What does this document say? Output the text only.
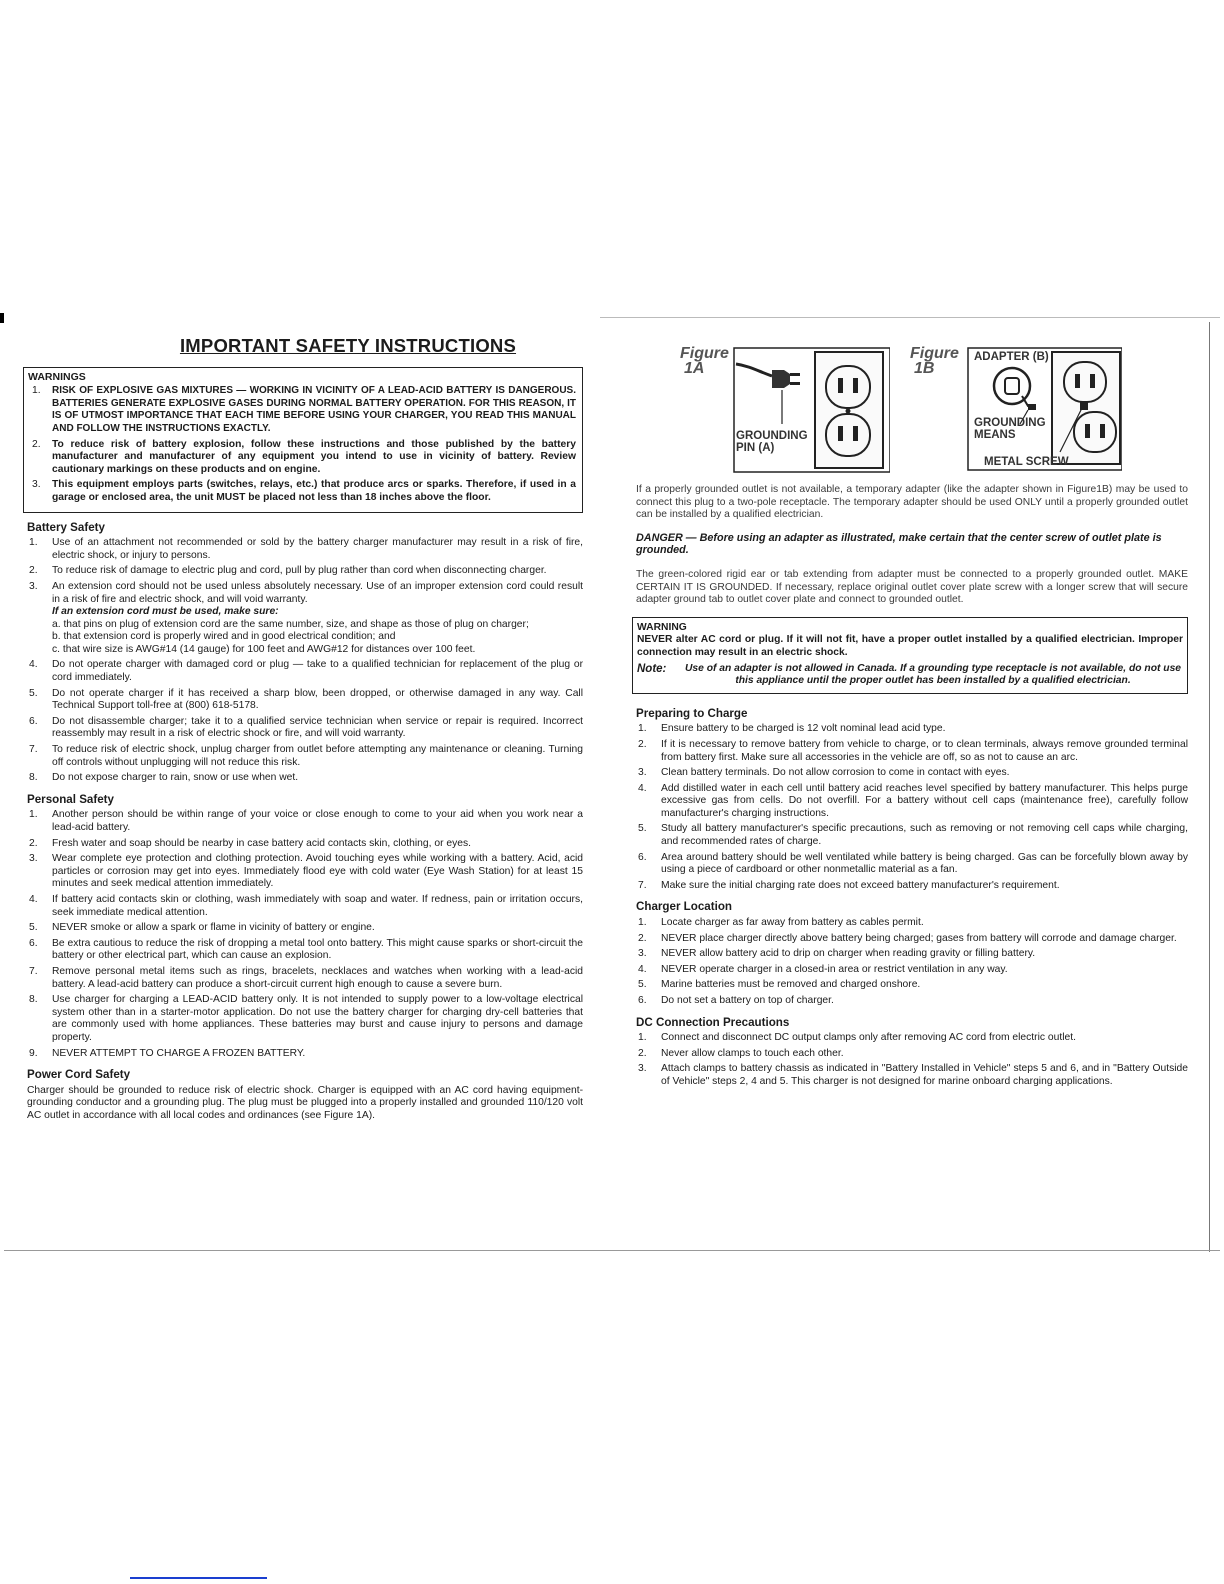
IMPORTANT SAFETY INSTRUCTIONS
WARNINGS
1.	RISK OF EXPLOSIVE GAS MIXTURES — WORKING IN VICINITY OF A LEAD-ACID BATTERY IS DANGEROUS. BATTERIES GENERATE EXPLOSIVE GASES DURING NORMAL BATTERY OPERATION. FOR THIS REASON, IT IS OF UTMOST IMPORTANCE THAT EACH TIME BEFORE USING YOUR CHARGER, YOU READ THIS MANUAL AND FOLLOW THE INSTRUCTIONS EXACTLY.
2.	To reduce risk of battery explosion, follow these instructions and those published by the battery manufacturer and manufacturer of any equipment you intend to use in vicinity of battery. Review cautionary markings on these products and on engine.
3.	This equipment employs parts (switches, relays, etc.) that produce arcs or sparks. Therefore, if used in a garage or enclosed area, the unit MUST be placed not less than 18 inches above the floor.
Battery Safety
1.	Use of an attachment not recommended or sold by the battery charger manufacturer may result in a risk of fire, electric shock, or injury to persons.
2.	To reduce risk of damage to electric plug and cord, pull by plug rather than cord when disconnecting charger.
3.	An extension cord should not be used unless absolutely necessary. Use of an improper extension cord could result in a risk of fire and electric shock, and will void warranty.
If an extension cord must be used, make sure:
a. that pins on plug of extension cord are the same number, size, and shape as those of plug on charger;
b. that extension cord is properly wired and in good electrical condition; and
c. that wire size is AWG#14 (14 gauge) for 100 feet and AWG#12 for distances over 100 feet.
4.	Do not operate charger with damaged cord or plug — take to a qualified technician for replacement of the plug or cord immediately.
5.	Do not operate charger if it has received a sharp blow, been dropped, or otherwise damaged in any way. Call Technical Support toll-free at (800) 618-5178.
6.	Do not disassemble charger; take it to a qualified service technician when service or repair is required. Incorrect reassembly may result in a risk of electric shock or fire, and will void warranty.
7.	To reduce risk of electric shock, unplug charger from outlet before attempting any maintenance or cleaning. Turning off controls without unplugging will not reduce this risk.
8.	Do not expose charger to rain, snow or use when wet.
Personal Safety
1.	Another person should be within range of your voice or close enough to come to your aid when you work near a lead-acid battery.
2.	Fresh water and soap should be nearby in case battery acid contacts skin, clothing, or eyes.
3.	Wear complete eye protection and clothing protection. Avoid touching eyes while working with a battery. Acid, acid particles or corrosion may get into eyes. Immediately flood eye with cold water (Eye Wash Station) for at least 15 minutes and seek medical attention immediately.
4.	If battery acid contacts skin or clothing, wash immediately with soap and water. If redness, pain or irritation occurs, seek immediate medical attention.
5.	NEVER smoke or allow a spark or flame in vicinity of battery or engine.
6.	Be extra cautious to reduce the risk of dropping a metal tool onto battery. This might cause sparks or short-circuit the battery or other electrical part, which can cause an explosion.
7.	Remove personal metal items such as rings, bracelets, necklaces and watches when working with a lead-acid battery. A lead-acid battery can produce a short-circuit current high enough to cause a severe burn.
8.	Use charger for charging a LEAD-ACID battery only. It is not intended to supply power to a low-voltage electrical system other than in a starter-motor application. Do not use the battery charger for charging dry-cell batteries that are commonly used with home appliances. These batteries may burst and cause injury to persons and damage property.
9.	NEVER ATTEMPT TO CHARGE A FROZEN BATTERY.
Power Cord Safety
Charger should be grounded to reduce risk of electric shock. Charger is equipped with an AC cord having equipment-grounding conductor and a grounding plug. The plug must be plugged into a properly installed and grounded 110/120 volt AC outlet in accordance with all local codes and ordinances (see Figure 1A).
Figure
1A
GROUNDING
PIN (A)
Figure
1B
ADAPTER (B)
GROUNDING
MEANS
METAL SCREW
If a properly grounded outlet is not available, a temporary adapter (like the adapter shown in Figure1B) may be used to connect this plug to a two-pole receptacle. The temporary adapter should be used ONLY until a properly grounded outlet can be installed by a qualified electrician.
DANGER — Before using an adapter as illustrated, make certain that the center screw of outlet plate is grounded.
The green-colored rigid ear or tab extending from adapter must be connected to a properly grounded outlet. MAKE CERTAIN IT IS GROUNDED. If necessary, replace original outlet cover plate screw with a longer screw that will secure adapter ground tab to outlet cover plate and connect to grounded outlet.
WARNING
NEVER alter AC cord or plug. If it will not fit, have a proper outlet installed by a qualified electrician. Improper connection may result in an electric shock.
Note:	Use of an adapter is not allowed in Canada. If a grounding type receptacle is not available, do not use this appliance until the proper outlet has been installed by a qualified electrician.
Preparing to Charge
1.	Ensure battery to be charged is 12 volt nominal lead acid type.
2.	If it is necessary to remove battery from vehicle to charge, or to clean terminals, always remove grounded terminal from battery first. Make sure all accessories in the vehicle are off, so as not to cause an arc.
3.	Clean battery terminals. Do not allow corrosion to come in contact with eyes.
4.	Add distilled water in each cell until battery acid reaches level specified by battery manufacturer. This helps purge excessive gas from cells. Do not overfill. For a battery without cell caps (maintenance free), carefully follow manufacturer's charging instructions.
5.	Study all battery manufacturer's specific precautions, such as removing or not removing cell caps while charging, and recommended rates of charge.
6.	Area around battery should be well ventilated while battery is being charged. Gas can be forcefully blown away by using a piece of cardboard or other nonmetallic material as a fan.
7.	Make sure the initial charging rate does not exceed battery manufacturer's requirement.
Charger Location
1.	Locate charger as far away from battery as cables permit.
2.	NEVER place charger directly above battery being charged; gases from battery will corrode and damage charger.
3.	NEVER allow battery acid to drip on charger when reading gravity or filling battery.
4.	NEVER operate charger in a closed-in area or restrict ventilation in any way.
5.	Marine batteries must be removed and charged onshore.
6.	Do not set a battery on top of charger.
DC Connection Precautions
1.	Connect and disconnect DC output clamps only after removing AC cord from electric outlet.
2.	Never allow clamps to touch each other.
3.	Attach clamps to battery chassis as indicated in "Battery Installed in Vehicle" steps 5 and 6, and in "Battery Outside of Vehicle" steps 2, 4 and 5. This charger is not designed for marine onboard charging applications.
